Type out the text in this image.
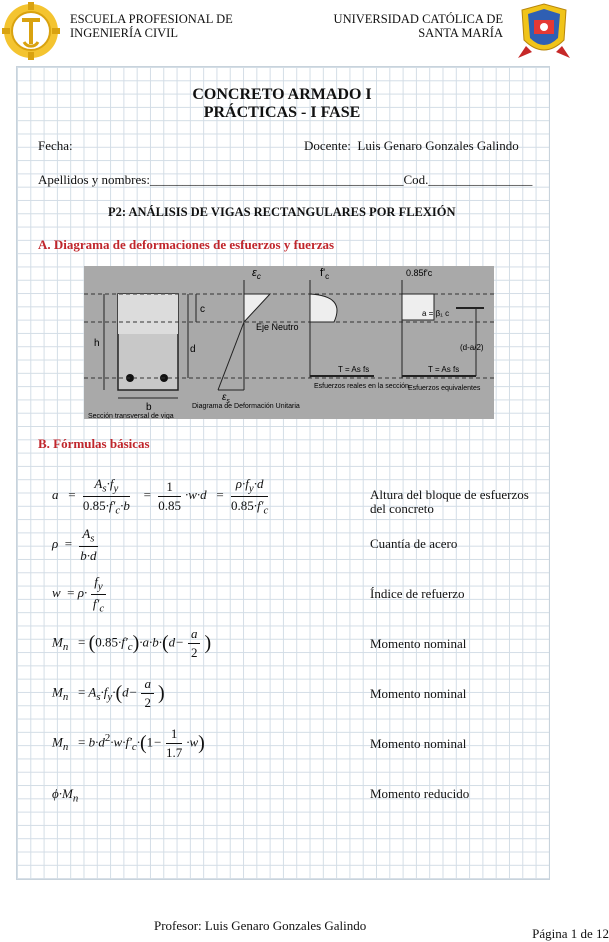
ESCUELA PROFESIONAL DE
INGENIERÍA CIVIL
UNIVERSIDAD CATÓLICA DE
SANTA MARÍA
CONCRETO ARMADO I
PRÁCTICAS - I FASE
Fecha:	Docente: Luis Genaro Gonzales Galindo
Apellidos y nombres:_______________________________________Cod.________________
P2: ANÁLISIS DE VIGAS RECTANGULARES POR FLEXIÓN
A. Diagrama de deformaciones de esfuerzos y fuerzas
$\varepsilon_c$	$f'_c$	0.85f'c
c
h
d
b
Eje Neutro
a = β₁ c
(d-a/2)
T = As fs	T = As fs
$\varepsilon_s$
Sección transversal de viga
Diagrama de Deformación Unitaria
Esfuerzos reales en la sección Esfuerzos equivalentes
B. Fórmulas básicas
$a = \frac{A_s\cdot f_y}{0.85\cdot f'_c\cdot b} = \frac{1}{0.85} \cdot w\cdot d = \frac{\rho\cdot f_y\cdot d}{0.85\cdot f'_c}$	Altura del bloque de esfuerzos
del concreto
$\rho = \frac{A_s}{b\cdot d}$	Cuantía de acero
$w = \rho\cdot \frac{f_y}{f'_c}$	Índice de refuerzo
$M_n = (0.85\cdot f'_c)\cdot a\cdot b\cdot(d- \frac{a}{2}$ )	Momento nominal
$M_n = A_s\cdot f_y\cdot(d- \frac{a}{2}$ )	Momento nominal
$M_n = b\cdot d^2\cdot w\cdot f'_c\cdot(1- \frac{1}{1.7} \cdot w)$	Momento nominal
$\phi\cdot M_n$	Momento reducido
Profesor: Luis Genaro Gonzales Galindo
Página 1 de 12
